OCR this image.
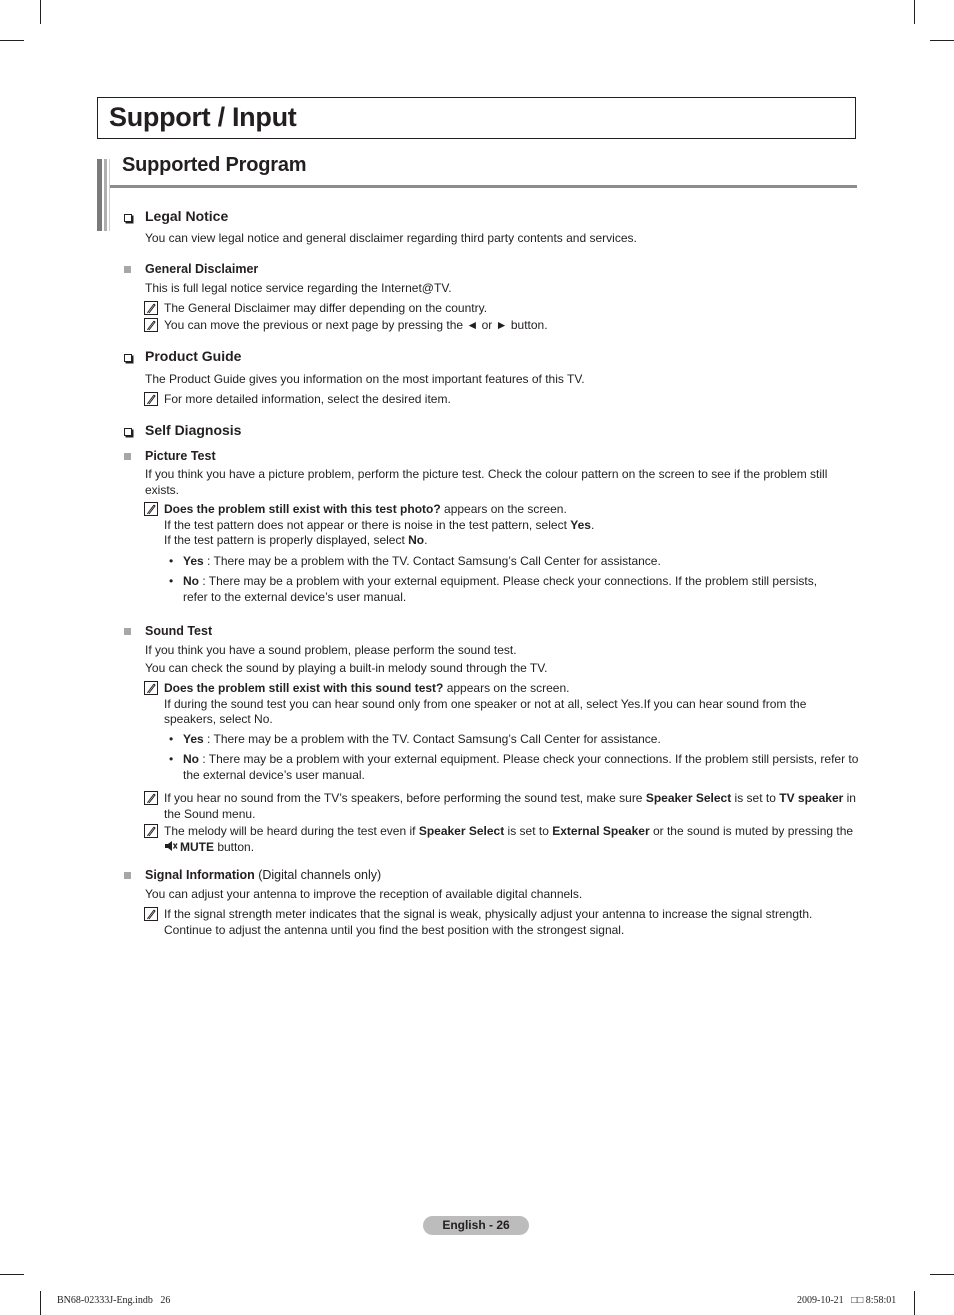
Support / Input
Supported Program
Legal Notice
You can view legal notice and general disclaimer regarding third party contents and services.
General Disclaimer
This is full legal notice service regarding the Internet@TV.
The General Disclaimer may differ depending on the country.
You can move the previous or next page by pressing the ◄ or ► button.
Product Guide
The Product Guide gives you information on the most important features of this TV.
For more detailed information, select the desired item.
Self Diagnosis
Picture Test
If you think you have a picture problem, perform the picture test. Check the colour pattern on the screen to see if the problem still exists.
Does the problem still exist with this test photo? appears on the screen.
If the test pattern does not appear or there is noise in the test pattern, select Yes.
If the test pattern is properly displayed, select No.
• Yes : There may be a problem with the TV. Contact Samsung’s Call Center for assistance.
• No : There may be a problem with your external equipment. Please check your connections. If the problem still persists, refer to the external device’s user manual.
Sound Test
If you think you have a sound problem, please perform the sound test.
You can check the sound by playing a built-in melody sound through the TV.
Does the problem still exist with this sound test? appears on the screen.
If during the sound test you can hear sound only from one speaker or not at all, select Yes.If you can hear sound from the speakers, select No.
• Yes : There may be a problem with the TV. Contact Samsung’s Call Center for assistance.
• No : There may be a problem with your external equipment. Please check your connections. If the problem still persists, refer to the external device’s user manual.
If you hear no sound from the TV’s speakers, before performing the sound test, make sure Speaker Select is set to TV speaker in the Sound menu.
The melody will be heard during the test even if Speaker Select is set to External Speaker or the sound is muted by pressing the MUTE button.
Signal Information (Digital channels only)
You can adjust your antenna to improve the reception of available digital channels.
If the signal strength meter indicates that the signal is weak, physically adjust your antenna to increase the signal strength. Continue to adjust the antenna until you find the best position with the strongest signal.
English - 26
BN68-02333J-Eng.indb   26	2009-10-21   □□ 8:58:01
